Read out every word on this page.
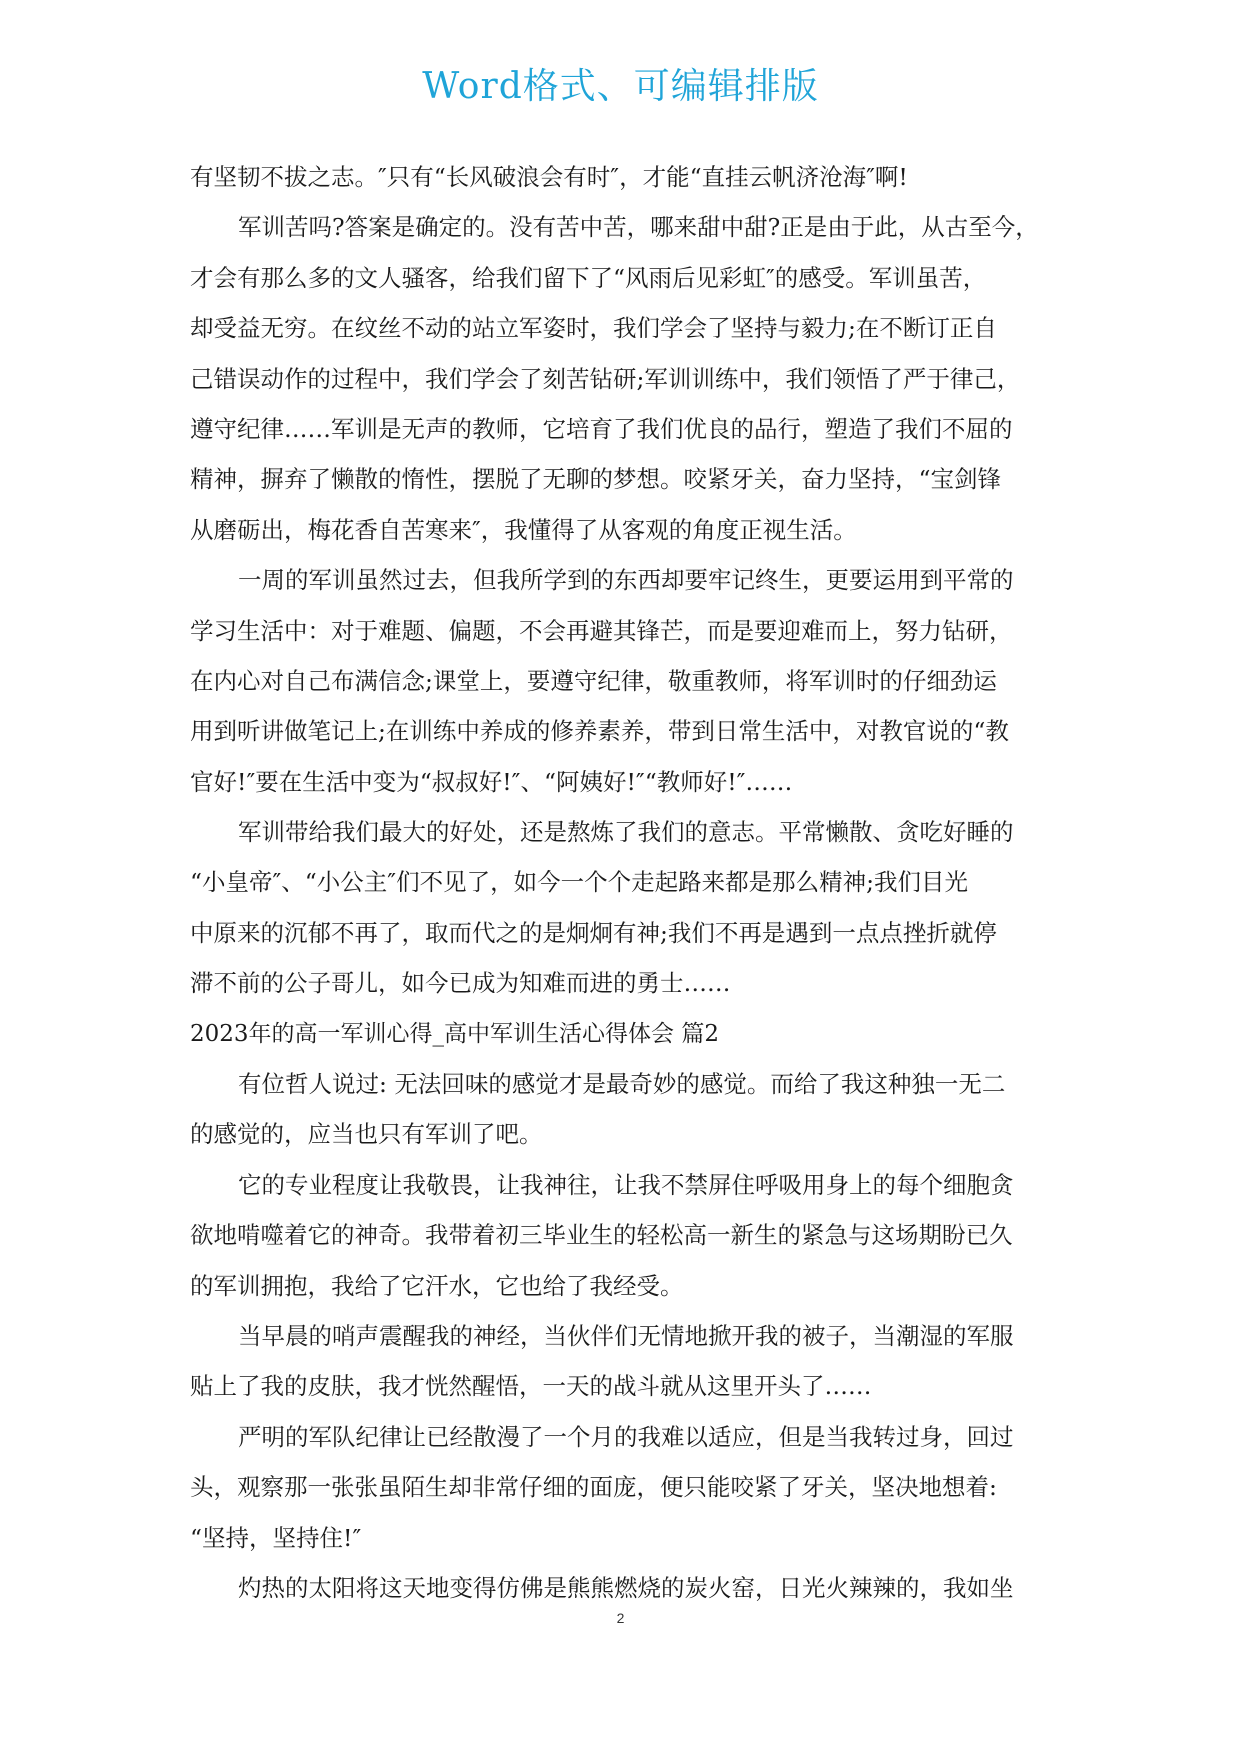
Word格式、可编辑排版
有坚韧不拔之志。″只有“长风破浪会有时″，才能“直挂云帆济沧海″啊!
军训苦吗?答案是确定的。没有苦中苦，哪来甜中甜?正是由于此，从古至今，
才会有那么多的文人骚客，给我们留下了“风雨后见彩虹″的感受。军训虽苦，
却受益无穷。在纹丝不动的站立军姿时，我们学会了坚持与毅力;在不断订正自
己错误动作的过程中，我们学会了刻苦钻研;军训训练中，我们领悟了严于律己，
遵守纪律……军训是无声的教师，它培育了我们优良的品行，塑造了我们不屈的
精神，摒弃了懒散的惰性，摆脱了无聊的梦想。咬紧牙关，奋力坚持，“宝剑锋
从磨砺出，梅花香自苦寒来″，我懂得了从客观的角度正视生活。
一周的军训虽然过去，但我所学到的东西却要牢记终生，更要运用到平常的
学习生活中：对于难题、偏题，不会再避其锋芒，而是要迎难而上，努力钻研，
在内心对自己布满信念;课堂上，要遵守纪律，敬重教师，将军训时的仔细劲运
用到听讲做笔记上;在训练中养成的修养素养，带到日常生活中，对教官说的“教
官好!″要在生活中变为“叔叔好!″、“阿姨好!″“教师好!″……
军训带给我们最大的好处，还是熬炼了我们的意志。平常懒散、贪吃好睡的
“小皇帝″、“小公主″们不见了，如今一个个走起路来都是那么精神;我们目光
中原来的沉郁不再了，取而代之的是炯炯有神;我们不再是遇到一点点挫折就停
滞不前的公子哥儿，如今已成为知难而进的勇士……
2023年的高一军训心得_高中军训生活心得体会 篇2
有位哲人说过: 无法回味的感觉才是最奇妙的感觉。而给了我这种独一无二
的感觉的，应当也只有军训了吧。
它的专业程度让我敬畏，让我神往，让我不禁屏住呼吸用身上的每个细胞贪
欲地啃噬着它的神奇。我带着初三毕业生的轻松高一新生的紧急与这场期盼已久
的军训拥抱，我给了它汗水，它也给了我经受。
当早晨的哨声震醒我的神经，当伙伴们无情地掀开我的被子，当潮湿的军服
贴上了我的皮肤，我才恍然醒悟，一天的战斗就从这里开头了……
严明的军队纪律让已经散漫了一个月的我难以适应，但是当我转过身，回过
头，观察那一张张虽陌生却非常仔细的面庞，便只能咬紧了牙关，坚决地想着:
“坚持，坚持住!″
灼热的太阳将这天地变得仿佛是熊熊燃烧的炭火窑，日光火辣辣的，我如坐
2
